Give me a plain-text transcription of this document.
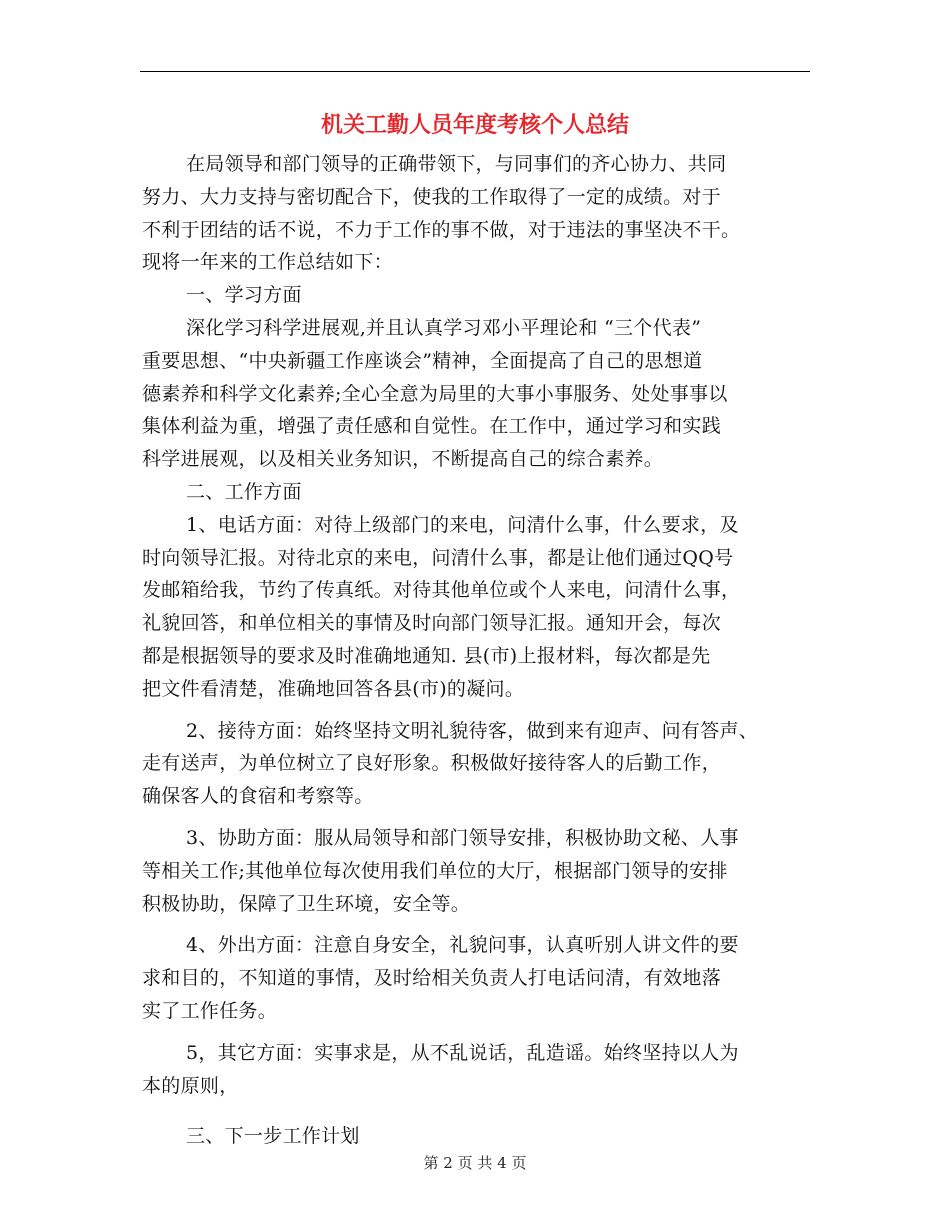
机关工勤人员年度考核个人总结
在局领导和部门领导的正确带领下，与同事们的齐心协力、共同
努力、大力支持与密切配合下，使我的工作取得了一定的成绩。对于
不利于团结的话不说，不力于工作的事不做，对于违法的事坚决不干。
现将一年来的工作总结如下：
一、学习方面
深化学习科学进展观,并且认真学习邓小平理论和 “三个代表”
重要思想、“中央新疆工作座谈会”精神，全面提高了自己的思想道
德素养和科学文化素养;全心全意为局里的大事小事服务、处处事事以
集体利益为重，增强了责任感和自觉性。在工作中，通过学习和实践
科学进展观，以及相关业务知识，不断提高自己的综合素养。
二、工作方面
1、电话方面：对待上级部门的来电，问清什么事，什么要求，及
时向领导汇报。对待北京的来电，问清什么事，都是让他们通过QQ号
发邮箱给我，节约了传真纸。对待其他单位或个人来电，问清什么事，
礼貌回答，和单位相关的事情及时向部门领导汇报。通知开会，每次
都是根据领导的要求及时准确地通知. 县(市)上报材料，每次都是先
把文件看清楚，准确地回答各县(市)的凝问。
2、接待方面：始终坚持文明礼貌待客，做到来有迎声、问有答声、
走有送声，为单位树立了良好形象。积极做好接待客人的后勤工作，
确保客人的食宿和考察等。
3、协助方面：服从局领导和部门领导安排，积极协助文秘、人事
等相关工作;其他单位每次使用我们单位的大厅，根据部门领导的安排
积极协助，保障了卫生环境，安全等。
4、外出方面：注意自身安全，礼貌问事，认真听别人讲文件的要
求和目的，不知道的事情，及时给相关负责人打电话问清，有效地落
实了工作任务。
5，其它方面：实事求是，从不乱说话，乱造谣。始终坚持以人为
本的原则，
三、下一步工作计划
第 2 页 共 4 页
